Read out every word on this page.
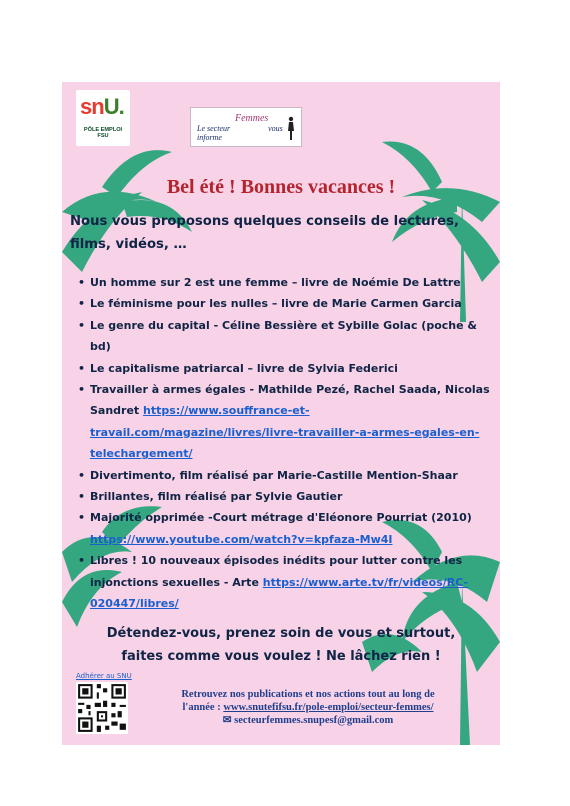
snU.
PÔLE EMPLOI FSU
Le secteur	vous informe
Femmes
Bel été ! Bonnes vacances !
Nous vous proposons quelques conseils de lectures, films, vidéos, …
• Un homme sur 2 est une femme – livre de Noémie De Lattre
• Le féminisme pour les nulles – livre de Marie Carmen Garcia
• Le genre du capital - Céline Bessière et Sybille Golac (poche & bd)
• Le capitalisme patriarcal – livre de Sylvia Federici
• Travailler à armes égales - Mathilde Pezé, Rachel Saada, Nicolas Sandret https://www.souffrance-et-travail.com/magazine/livres/livre-travailler-a-armes-egales-en-telechargement/
• Divertimento, film réalisé par Marie-Castille Mention-Shaar
• Brillantes, film réalisé par Sylvie Gautier
• Majorité opprimée -Court métrage d'Eléonore Pourriat (2010) https://www.youtube.com/watch?v=kpfaza-Mw4I
• Libres ! 10 nouveaux épisodes inédits pour lutter contre les injonctions sexuelles - Arte https://www.arte.tv/fr/videos/RC-020447/libres/
Détendez-vous, prenez soin de vous et surtout,
faites comme vous voulez ! Ne lâchez rien !
Adhérer au SNU
Retrouvez nos publications et nos actions tout au long de
l'année : www.snutefifsu.fr/pole-emploi/secteur-femmes/
✉ secteurfemmes.snupesf@gmail.com
